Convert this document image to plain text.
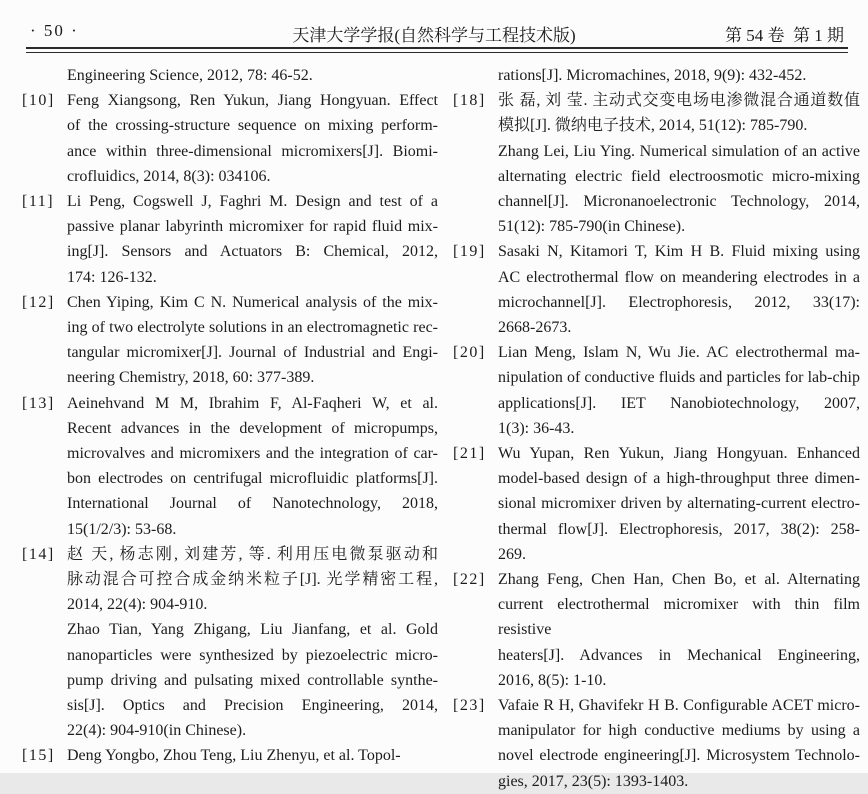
· 50 ·	天津大学学报(自然科学与工程技术版)	第 54 卷  第 1 期
Engineering Science, 2012, 78: 46-52.
[10] Feng Xiangsong, Ren Yukun, Jiang Hongyuan. Effect
of the crossing-structure sequence on mixing perform-
ance within three-dimensional micromixers[J]. Biomi-
crofluidics, 2014, 8(3): 034106.
[11] Li Peng, Cogswell J, Faghri M. Design and test of a
passive planar labyrinth micromixer for rapid fluid mix-
ing[J]. Sensors and Actuators B: Chemical, 2012,
174: 126-132.
[12] Chen Yiping, Kim C N. Numerical analysis of the mix-
ing of two electrolyte solutions in an electromagnetic rec-
tangular micromixer[J]. Journal of Industrial and Engi-
neering Chemistry, 2018, 60: 377-389.
[13] Aeinehvand M M, Ibrahim F, Al-Faqheri W, et al.
Recent advances in the development of micropumps,
microvalves and micromixers and the integration of car-
bon electrodes on centrifugal microfluidic platforms[J].
International Journal of Nanotechnology, 2018,
15(1/2/3): 53-68.
[14] 赵 天, 杨志刚, 刘建芳, 等. 利用压电微泵驱动和
脉动混合可控合成金纳米粒子[J]. 光学精密工程,
2014, 22(4): 904-910.
Zhao Tian, Yang Zhigang, Liu Jianfang, et al. Gold
nanoparticles were synthesized by piezoelectric micro-
pump driving and pulsating mixed controllable synthe-
sis[J]. Optics and Precision Engineering, 2014,
22(4): 904-910(in Chinese).
[15] Deng Yongbo, Zhou Teng, Liu Zhenyu, et al. Topol-
rations[J]. Micromachines, 2018, 9(9): 432-452.
[18] 张 磊, 刘 莹. 主动式交变电场电渗微混合通道数值
模拟[J]. 微纳电子技术, 2014, 51(12): 785-790.
Zhang Lei, Liu Ying. Numerical simulation of an active
alternating electric field electroosmotic micro-mixing
channel[J]. Micronanoelectronic Technology, 2014,
51(12): 785-790(in Chinese).
[19] Sasaki N, Kitamori T, Kim H B. Fluid mixing using
AC electrothermal flow on meandering electrodes in a
microchannel[J]. Electrophoresis, 2012, 33(17):
2668-2673.
[20] Lian Meng, Islam N, Wu Jie. AC electrothermal ma-
nipulation of conductive fluids and particles for lab-chip
applications[J]. IET Nanobiotechnology, 2007,
1(3): 36-43.
[21] Wu Yupan, Ren Yukun, Jiang Hongyuan. Enhanced
model-based design of a high-throughput three dimen-
sional micromixer driven by alternating-current electro-
thermal flow[J]. Electrophoresis, 2017, 38(2): 258-
269.
[22] Zhang Feng, Chen Han, Chen Bo, et al. Alternating
current electrothermal micromixer with thin film resistive
heaters[J]. Advances in Mechanical Engineering,
2016, 8(5): 1-10.
[23] Vafaie R H, Ghavifekr H B. Configurable ACET micro-
manipulator for high conductive mediums by using a
novel electrode engineering[J]. Microsystem Technolo-
gies, 2017, 23(5): 1393-1403.
